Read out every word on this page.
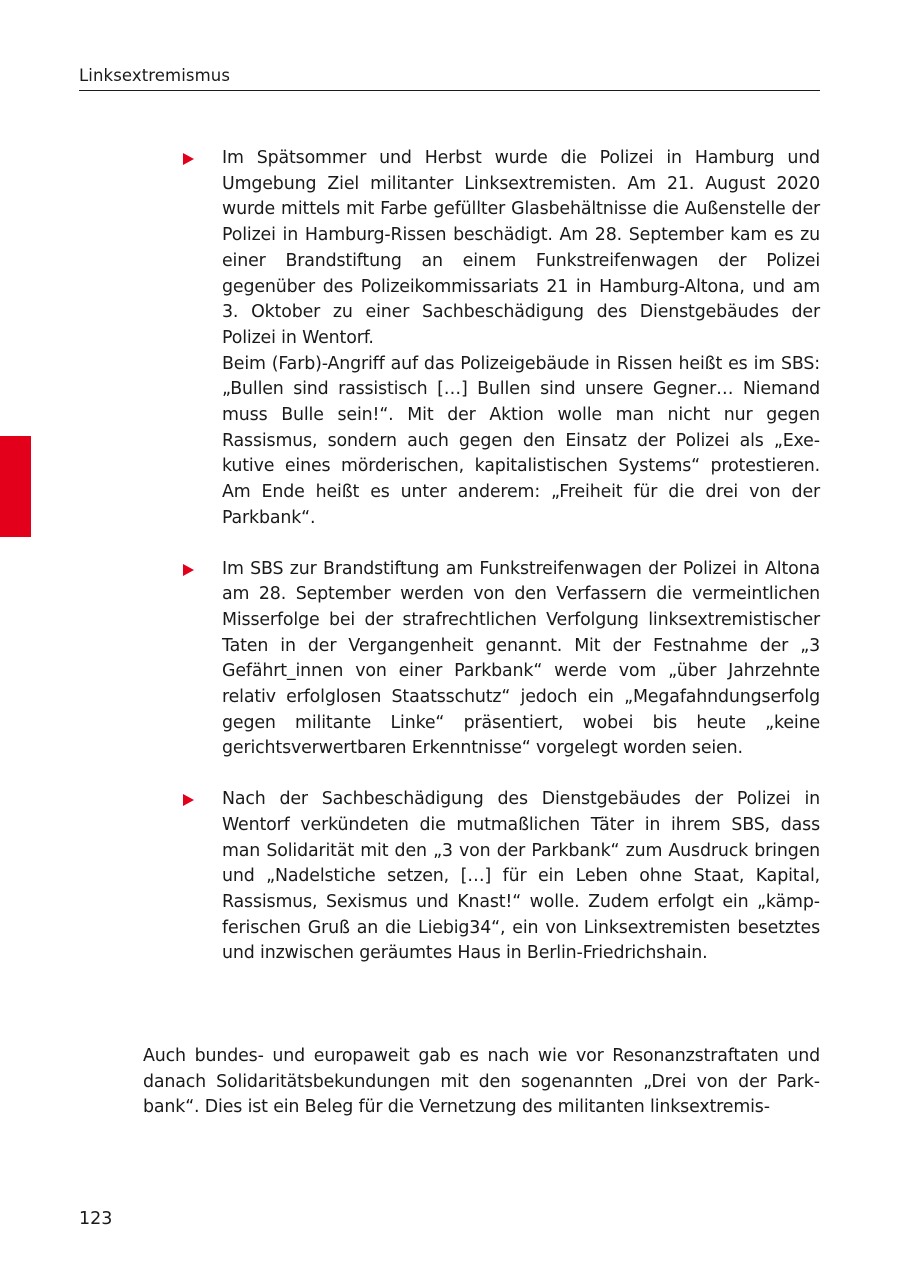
Linksextremismus

Im Spätsommer und Herbst wurde die Polizei in Hamburg und Umgebung Ziel militanter Linksextremisten. Am 21. August 2020 wurde mittels mit Farbe gefüllter Glasbehältnisse die Außenstelle der Polizei in Hamburg-Rissen beschädigt. Am 28. September kam es zu einer Brandstiftung an einem Funkstreifenwagen der Polizei gegenüber des Polizeikommissariats 21 in Hamburg-Altona, und am 3. Oktober zu einer Sachbeschädigung des Dienstgebäudes der Polizei in Wentorf.

Beim (Farb)-Angriff auf das Polizeigebäude in Rissen heißt es im SBS: „Bullen sind rassistisch […] Bullen sind unsere Gegner… Niemand muss Bulle sein!“. Mit der Aktion wolle man nicht nur gegen Rassismus, sondern auch gegen den Einsatz der Polizei als „Exekutive eines mörderischen, kapitalistischen Systems“ protestieren. Am Ende heißt es unter anderem: „Freiheit für die drei von der Parkbank“.

Im SBS zur Brandstiftung am Funkstreifenwagen der Polizei in Altona am 28. September werden von den Verfassern die vermeintlichen Misserfolge bei der strafrechtlichen Verfolgung linksextremistischer Taten in der Vergangenheit genannt. Mit der Festnahme der „3 Gefährt_innen von einer Parkbank“ werde vom „über Jahrzehnte relativ erfolglosen Staatsschutz“ jedoch ein „Megafahndungserfolg gegen militante Linke“ präsentiert, wobei bis heute „keine gerichtsverwertbaren Erkenntnisse“ vorgelegt worden seien.

Nach der Sachbeschädigung des Dienstgebäudes der Polizei in Wentorf verkündeten die mutmaßlichen Täter in ihrem SBS, dass man Solidarität mit den „3 von der Parkbank“ zum Ausdruck bringen und „Nadelstiche setzen, […] für ein Leben ohne Staat, Kapital, Rassismus, Sexismus und Knast!“ wolle. Zudem erfolgt ein „kämpferischen Gruß an die Liebig34“, ein von Linksextremisten besetztes und inzwischen geräumtes Haus in Berlin-Friedrichshain.

Auch bundes- und europaweit gab es nach wie vor Resonanzstraftaten und danach Solidaritätsbekundungen mit den sogenannten „Drei von der Parkbank“. Dies ist ein Beleg für die Vernetzung des militanten linksextremis-

123
